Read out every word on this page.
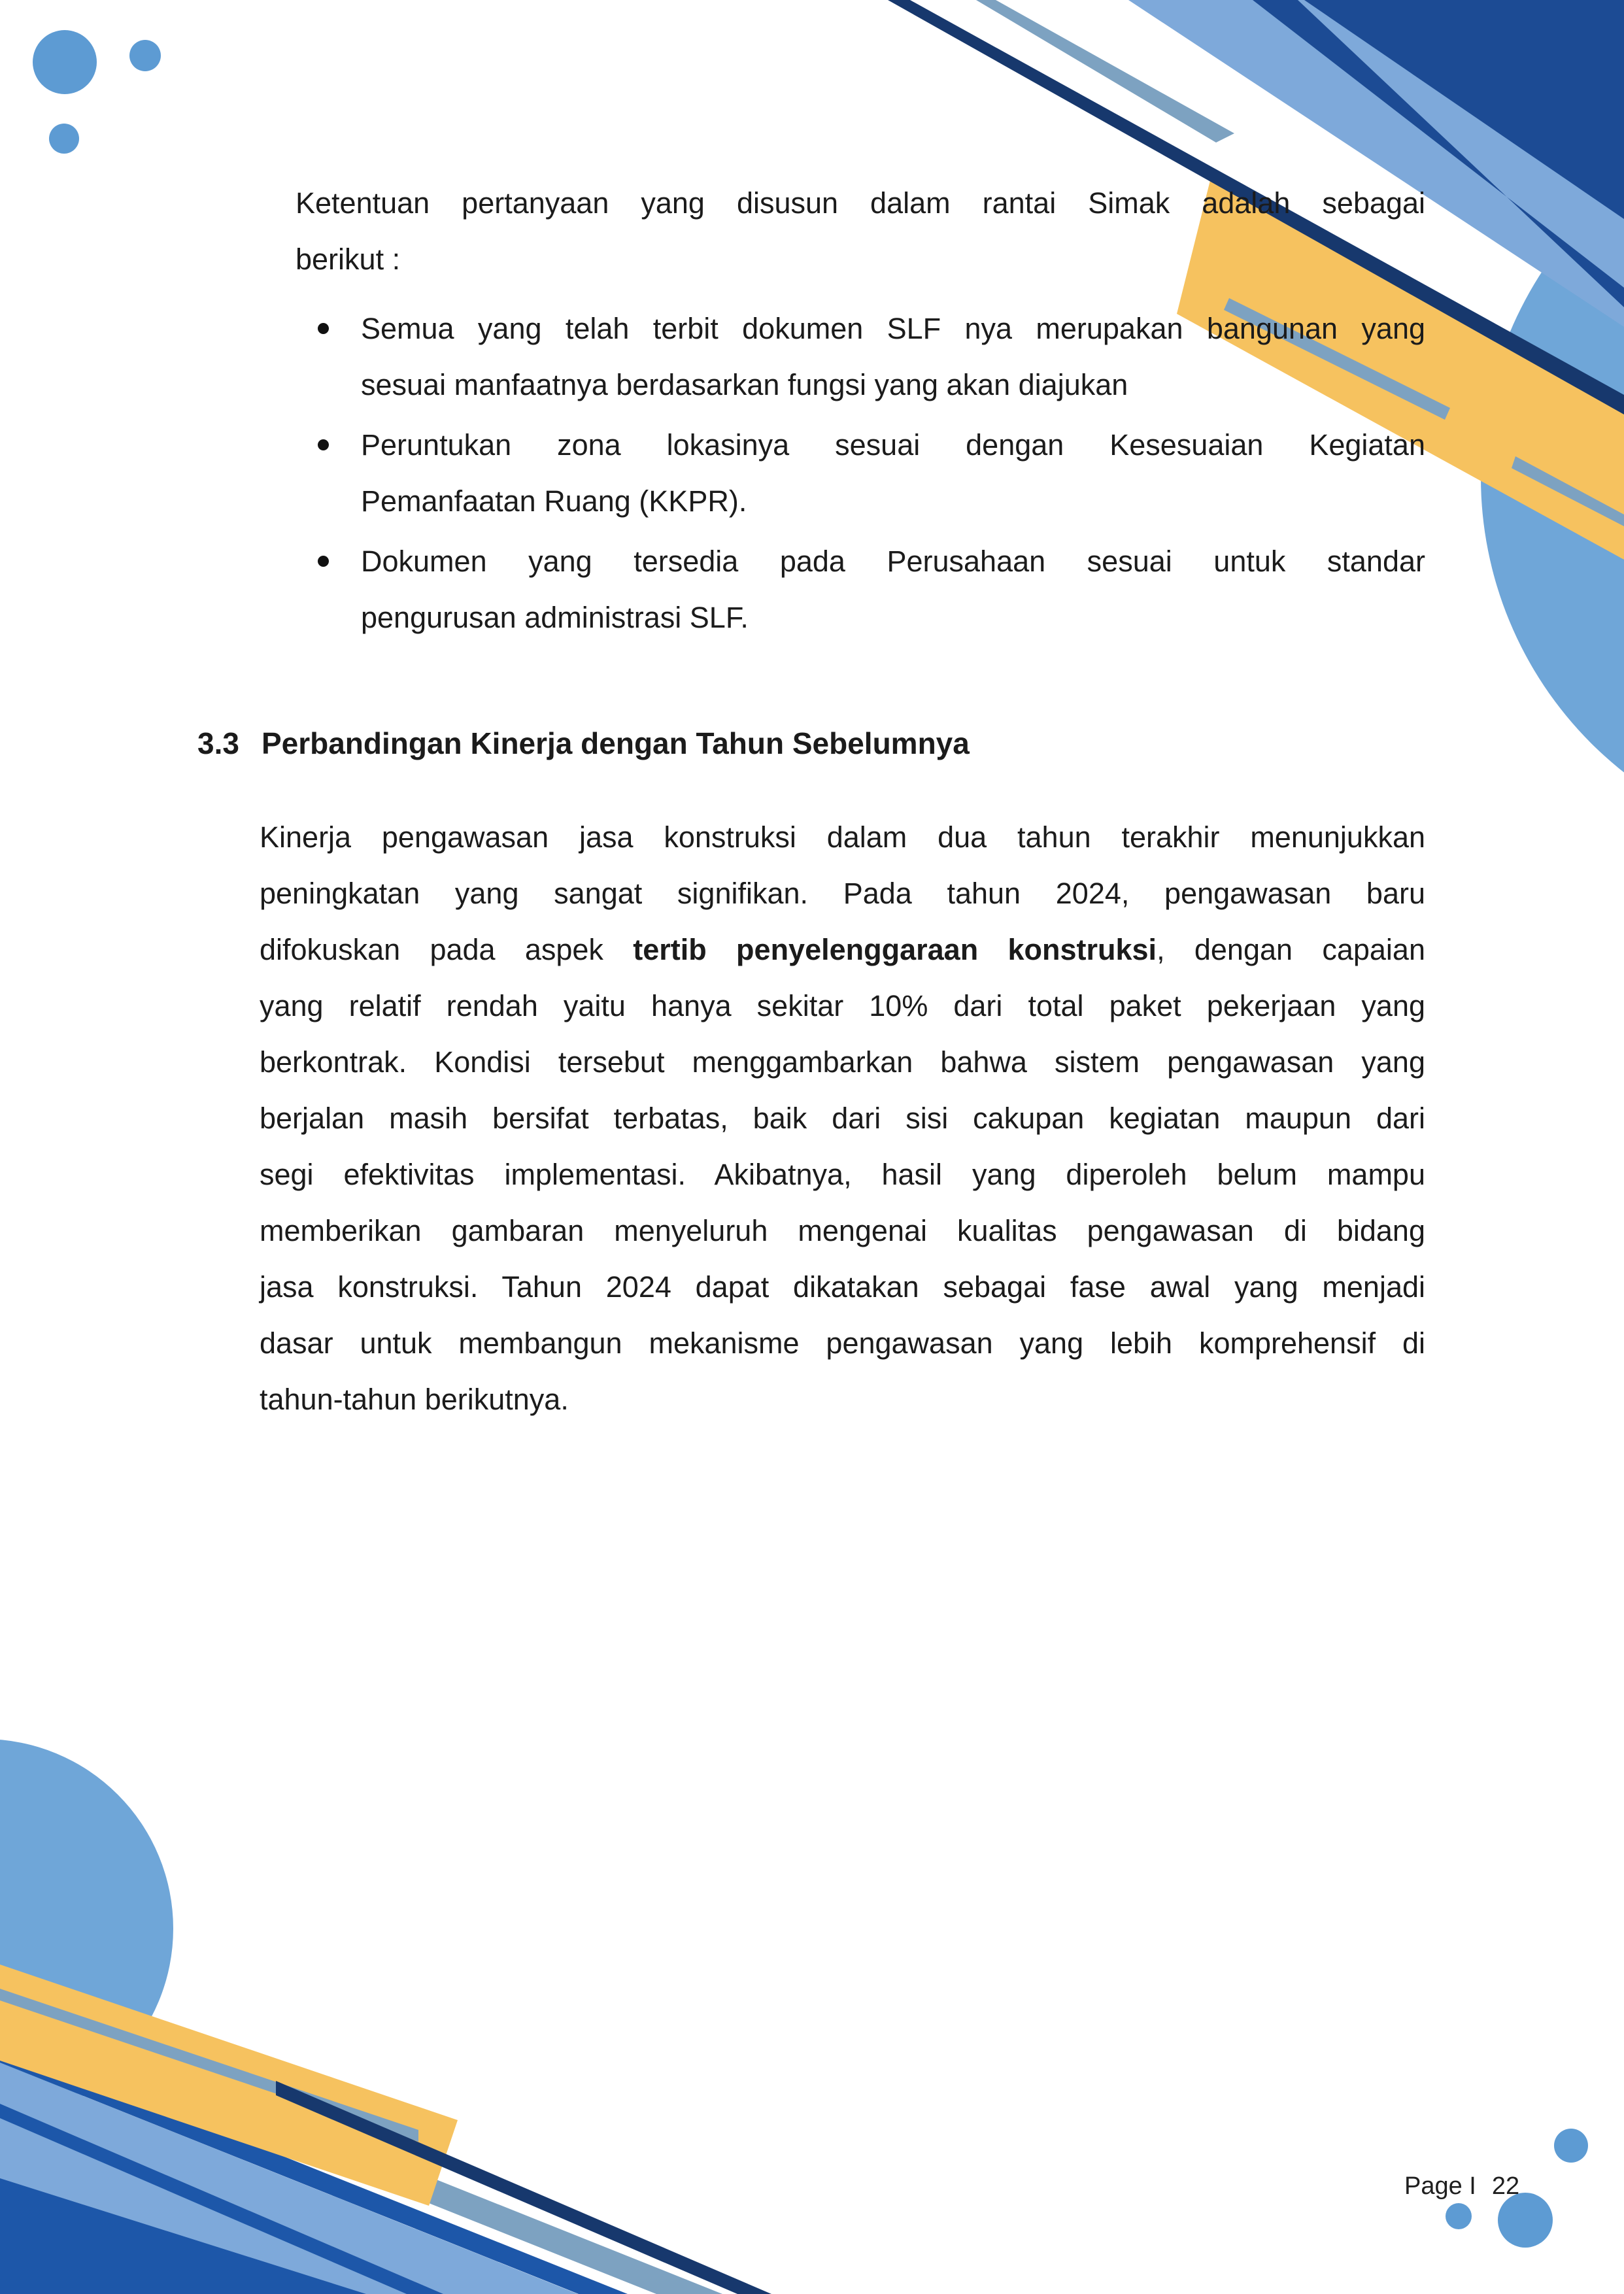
Ketentuan pertanyaan yang disusun dalam rantai Simak adalah sebagai
berikut :
Semua yang telah terbit dokumen SLF nya merupakan bangunan yang
sesuai manfaatnya berdasarkan fungsi yang akan diajukan
Peruntukan zona lokasinya sesuai dengan Kesesuaian Kegiatan
Pemanfaatan Ruang (KKPR).
Dokumen yang tersedia pada Perusahaan sesuai untuk standar
pengurusan administrasi SLF.
3.3 Perbandingan Kinerja dengan Tahun Sebelumnya
Kinerja pengawasan jasa konstruksi dalam dua tahun terakhir menunjukkan
peningkatan yang sangat signifikan. Pada tahun 2024, pengawasan baru
difokuskan pada aspek tertib penyelenggaraan konstruksi, dengan capaian
yang relatif rendah yaitu hanya sekitar 10% dari total paket pekerjaan yang
berkontrak. Kondisi tersebut menggambarkan bahwa sistem pengawasan yang
berjalan masih bersifat terbatas, baik dari sisi cakupan kegiatan maupun dari
segi efektivitas implementasi. Akibatnya, hasil yang diperoleh belum mampu
memberikan gambaran menyeluruh mengenai kualitas pengawasan di bidang
jasa konstruksi. Tahun 2024 dapat dikatakan sebagai fase awal yang menjadi
dasar untuk membangun mekanisme pengawasan yang lebih komprehensif di
tahun-tahun berikutnya.
Page I 22
